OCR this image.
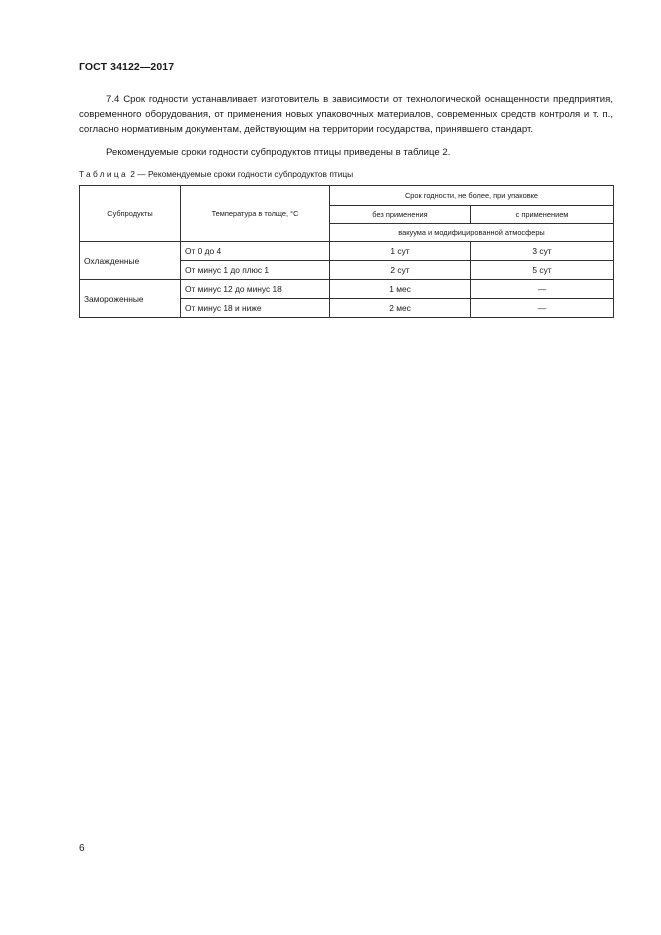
ГОСТ 34122—2017

7.4 Срок годности устанавливает изготовитель в зависимости от технологической оснащенности предприятия, современного оборудования, от применения новых упаковочных материалов, современных средств контроля и т. п., согласно нормативным документам, действующим на территории государства, принявшего стандарт.

Рекомендуемые сроки годности субпродуктов птицы приведены в таблице 2.

Таблица 2 — Рекомендуемые сроки годности субпродуктов птицы
Субпродукты	Температура в толще, °С	Срок годности, не более, при упаковке	
		без применения	с применением
		вакуума и модифицированной атмосферы	
Охлажденные	От 0 до 4	1 сут	3 сут
	От минус 1 до плюс 1	2 сут	5 сут
Замороженные	От минус 12 до минус 18	1 мес	—
	От минус 18 и ниже	2 мес	—
6
